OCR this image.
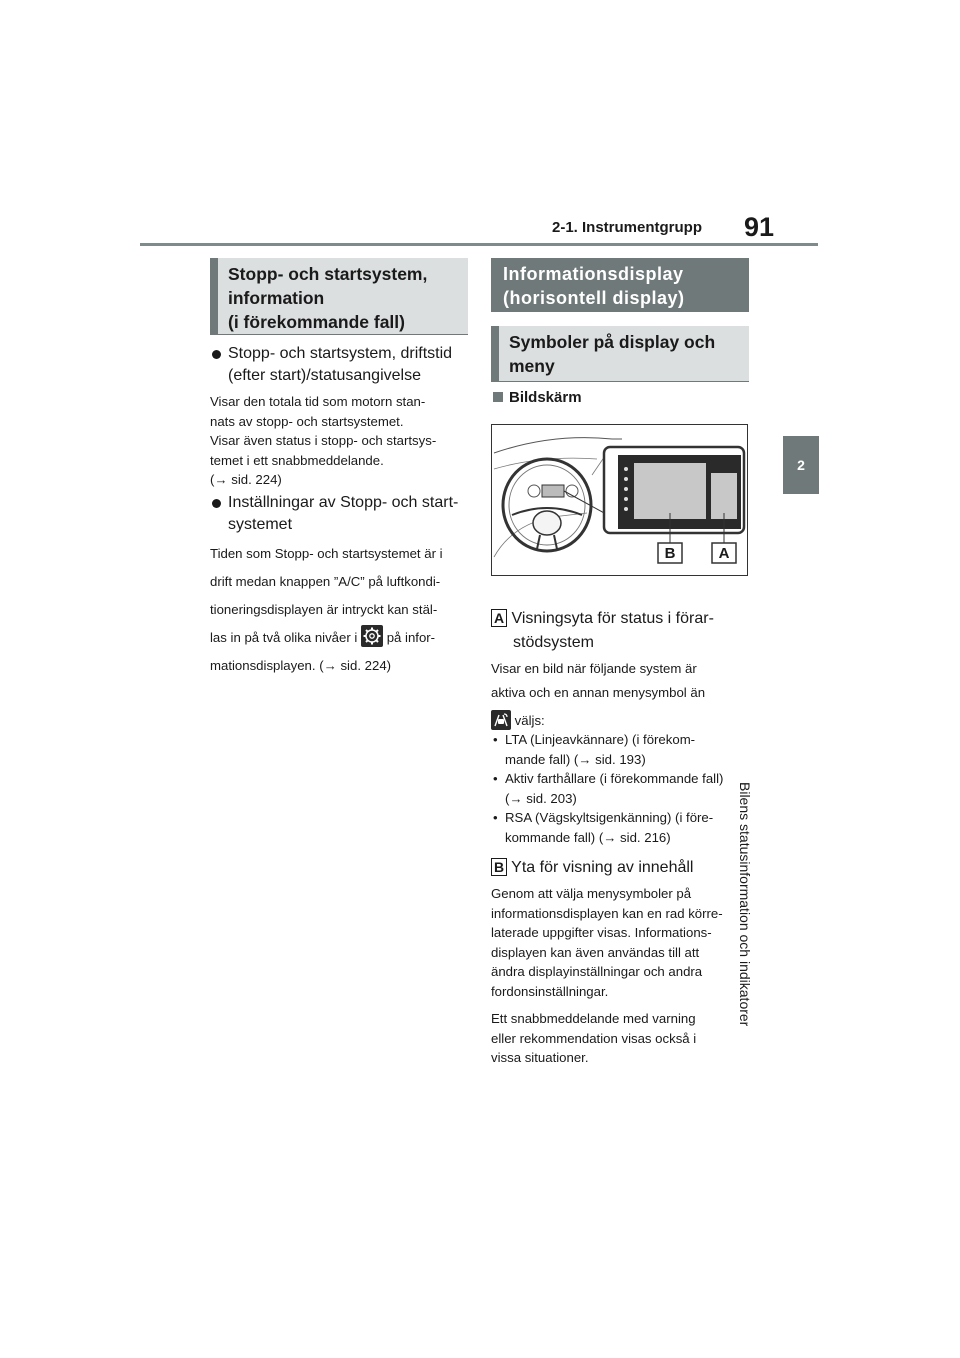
2-1. Instrumentgrupp 91
2
Bilens statusinformation och indikatorer
Stopp- och startsystem,
information
(i förekommande fall)
Stopp- och startsystem, driftstid
(efter start)/statusangivelse
Visar den totala tid som motorn stan-
nats av stopp- och startsystemet.
Visar även status i stopp- och startsys-
temet i ett snabbmeddelande.
(→ sid. 224)
Inställningar av Stopp- och start-
systemet
Tiden som Stopp- och startsystemet är i
drift medan knappen ”A/C” på luftkondi-
tioneringsdisplayen är intryckt kan stäl-
las in på två olika nivåer i på infor-
mationsdisplayen. (→ sid. 224)
Informationsdisplay
(horisontell display)
Symboler på display och
meny
Bildskärm
B	A
A Visningsyta för status i förar-
stödsystem
Visar en bild när följande system är
aktiva och en annan menysymbol än
väljs:
• LTA (Linjeavkännare) (i förekom-
mande fall) (→ sid. 193)
• Aktiv farthållare (i förekommande fall)
(→ sid. 203)
• RSA (Vägskyltsigenkänning) (i före-
kommande fall) (→ sid. 216)
B Yta för visning av innehåll
Genom att välja menysymboler på
informationsdisplayen kan en rad körre-
laterade uppgifter visas. Informations-
displayen kan även användas till att
ändra displayinställningar och andra
fordonsinställningar.
Ett snabbmeddelande med varning
eller rekommendation visas också i
vissa situationer.
